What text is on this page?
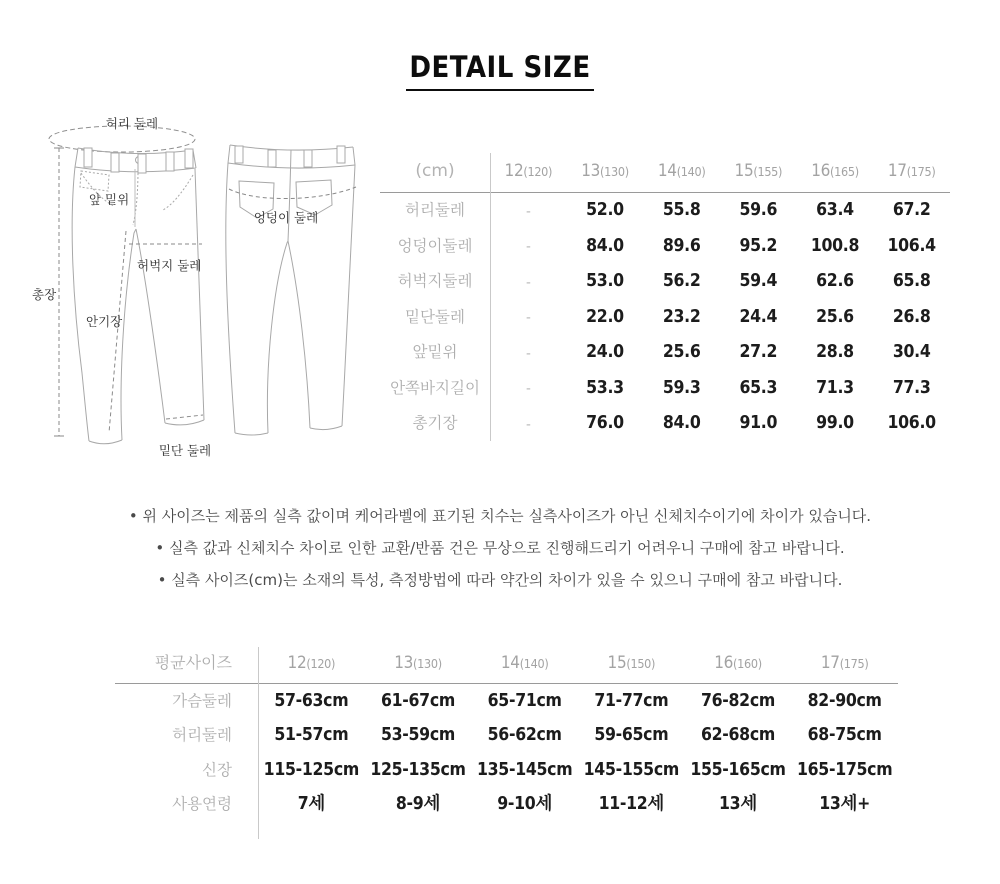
DETAIL SIZE
허리 둘레
앞 밑위
총장
허벅지 둘레
안기장
밑단 둘레
엉덩이 둘레
(cm)	12(120)	13(130)	14(140)	15(155)	16(165)	17(175)
허리둘레	-	52.0	55.8	59.6	63.4	67.2
엉덩이둘레	-	84.0	89.6	95.2	100.8	106.4
허벅지둘레	-	53.0	56.2	59.4	62.6	65.8
밑단둘레	-	22.0	23.2	24.4	25.6	26.8
앞밑위	-	24.0	25.6	27.2	28.8	30.4
안쪽바지길이	-	53.3	59.3	65.3	71.3	77.3
총기장	-	76.0	84.0	91.0	99.0	106.0

• 위 사이즈는 제품의 실측 값이며 케어라벨에 표기된 치수는 실측사이즈가 아닌 신체치수이기에 차이가 있습니다.

• 실측 값과 신체치수 차이로 인한 교환/반품 건은 무상으로 진행해드리기 어려우니 구매에 참고 바랍니다.

• 실측 사이즈(cm)는 소재의 특성, 측정방법에 따라 약간의 차이가 있을 수 있으니 구매에 참고 바랍니다.

평균사이즈	12(120)	13(130)	14(140)	15(150)	16(160)	17(175)
가슴둘레	57-63cm	61-67cm	65-71cm	71-77cm	76-82cm	82-90cm
허리둘레	51-57cm	53-59cm	56-62cm	59-65cm	62-68cm	68-75cm
신장	115-125cm 125-135cm 135-145cm 145-155cm 155-165cm 165-175cm
사용연령	7세	8-9세	9-10세	11-12세	13세	13세+
